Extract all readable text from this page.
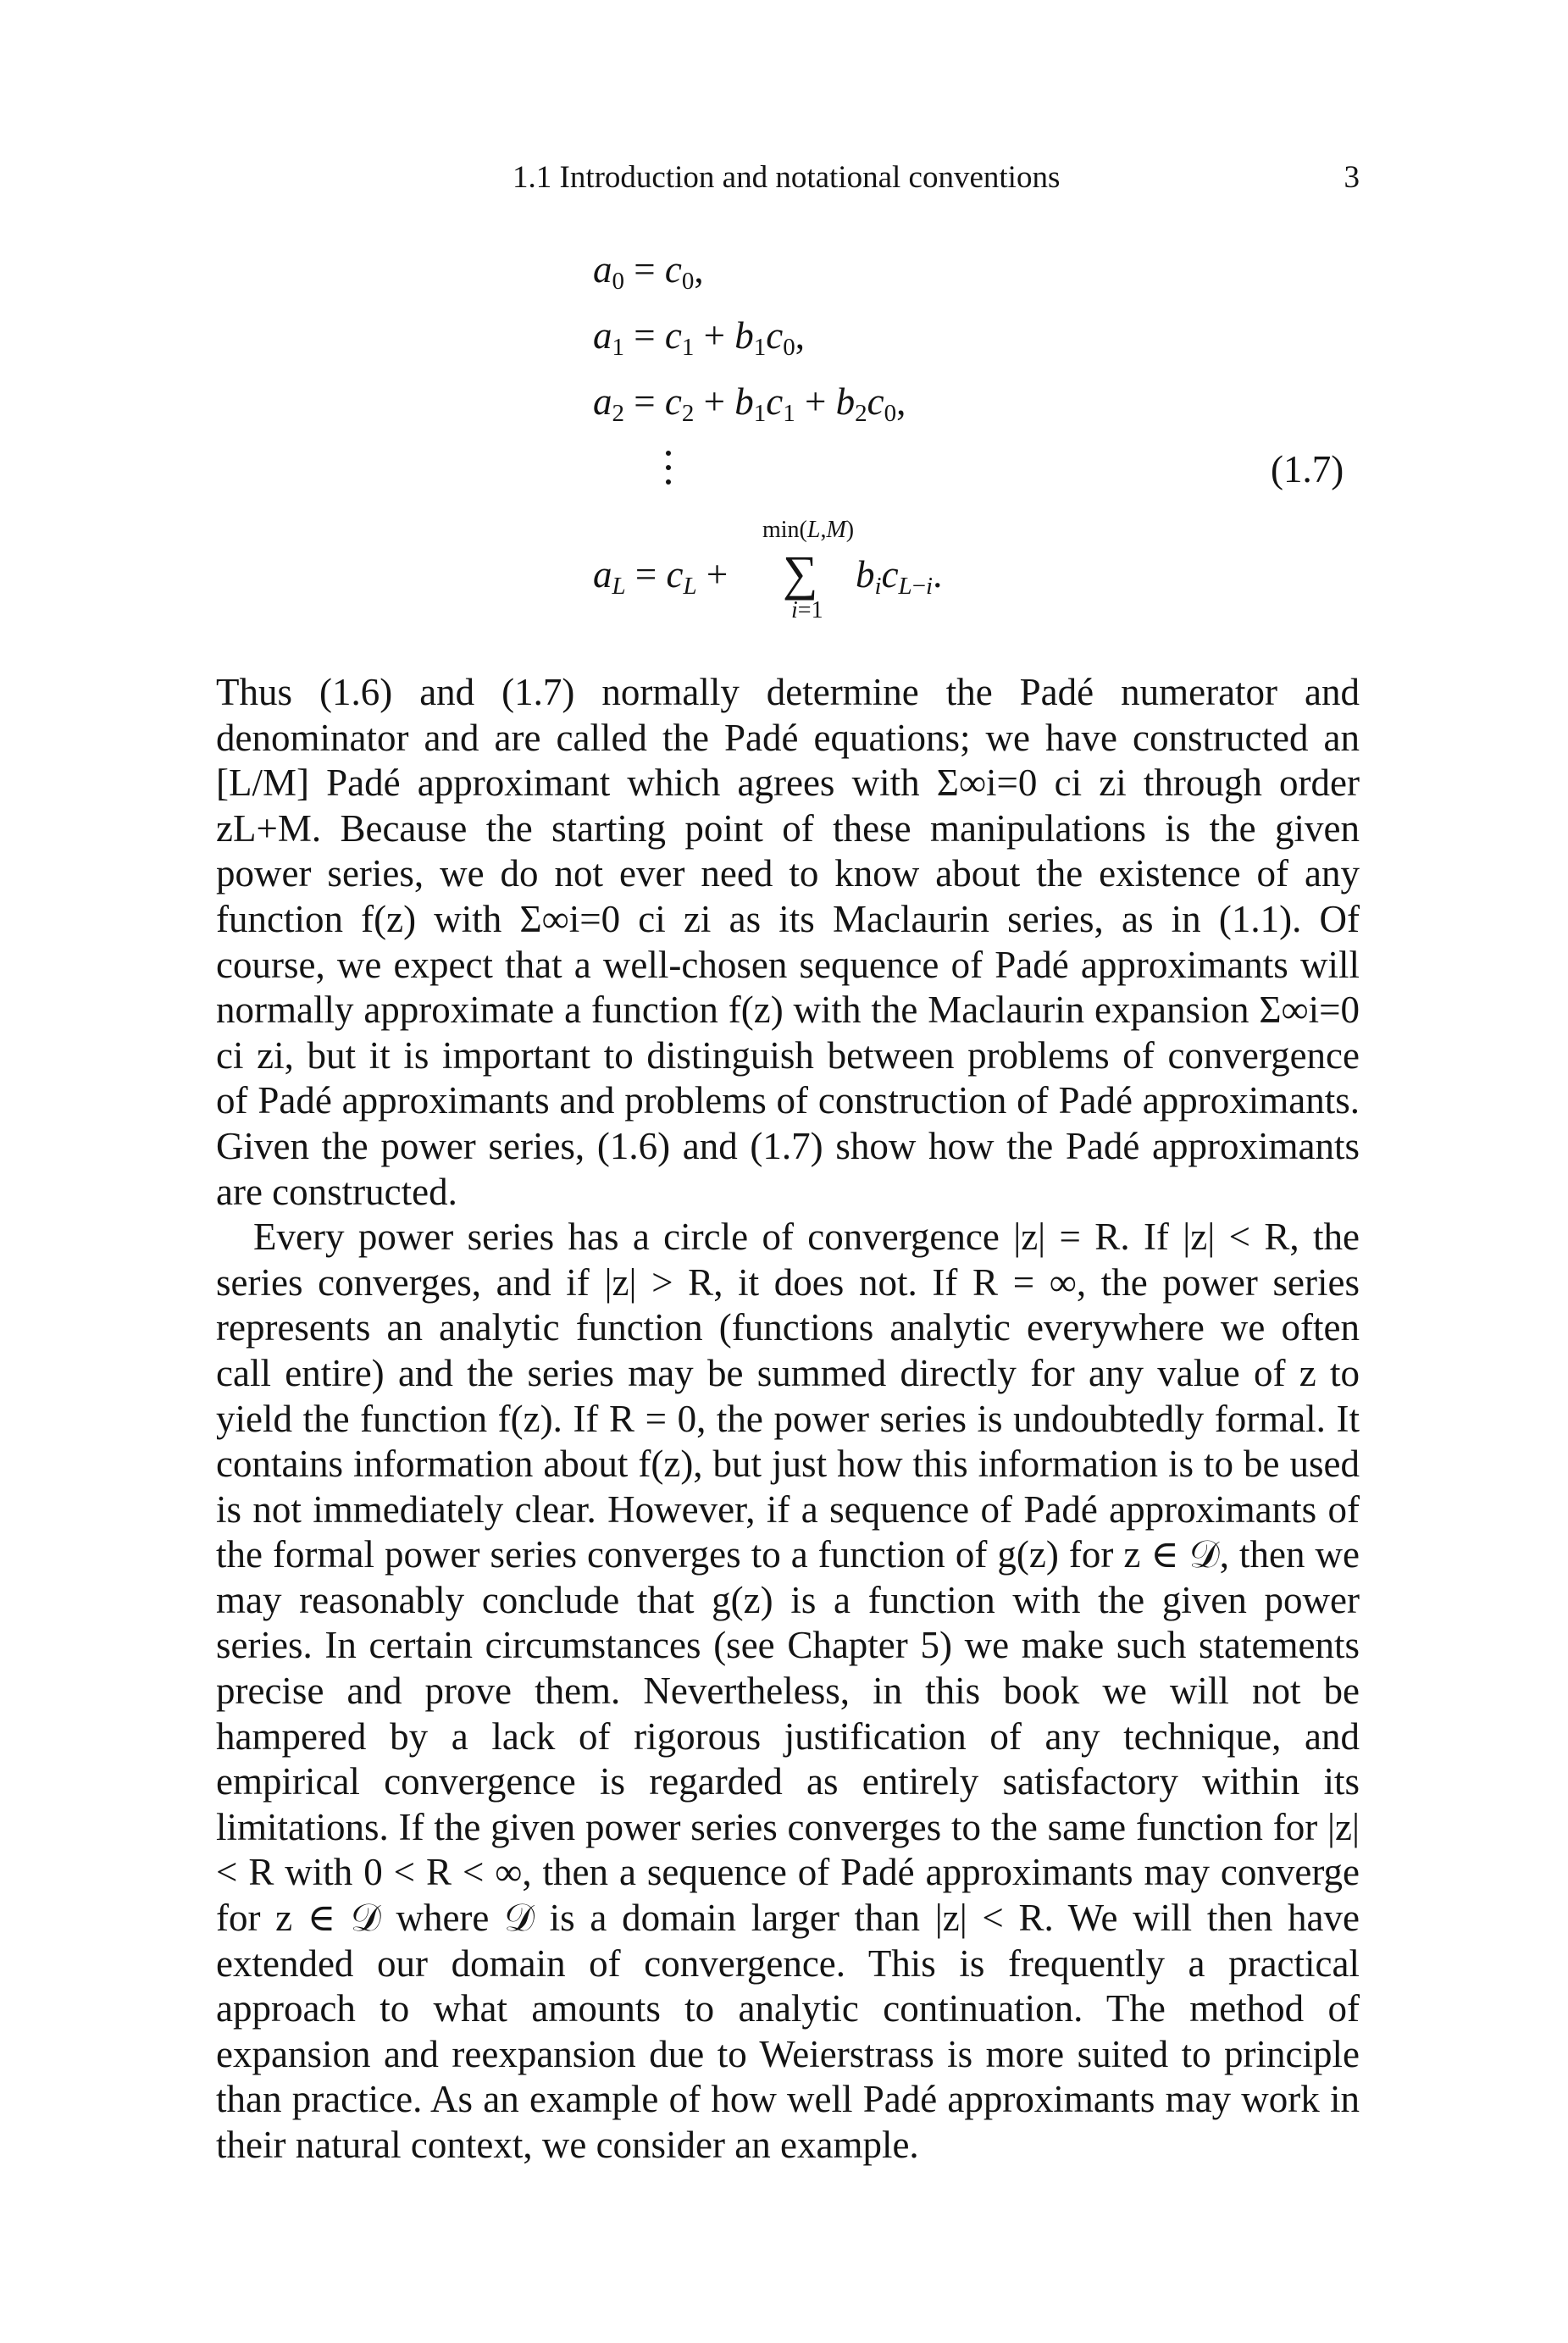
1.1 Introduction and notational conventions	3
$a_0 = c_0$,
$a_1 = c_1 + b_1c_0$,
$a_2 = c_2 + b_1c_1 + b_2c_0$,
(1.7)
min(L,M)
$a_L = c_L$ + ∑ $b_ic_{L-i}$.
i=1

Thus (1.6) and (1.7) normally determine the Padé numerator and denominator and are called the Padé equations; we have constructed an [L/M] Padé approximant which agrees with Σ∞i=0 ci zi through order zL+M. Because the starting point of these manipulations is the given power series, we do not ever need to know about the existence of any function f(z) with Σ∞i=0 ci zi as its Maclaurin series, as in (1.1). Of course, we expect that a well-chosen sequence of Padé approximants will normally approximate a function f(z) with the Maclaurin expansion Σ∞i=0 ci zi, but it is important to distinguish between problems of convergence of Padé approximants and problems of construction of Padé approximants. Given the power series, (1.6) and (1.7) show how the Padé approximants are constructed.

Every power series has a circle of convergence |z| = R. If |z| < R, the series converges, and if |z| > R, it does not. If R = ∞, the power series represents an analytic function (functions analytic everywhere we often call entire) and the series may be summed directly for any value of z to yield the function f(z). If R = 0, the power series is undoubtedly formal. It contains information about f(z), but just how this information is to be used is not immediately clear. However, if a sequence of Padé approximants of the formal power series converges to a function of g(z) for z ∈ 𝒟, then we may reasonably conclude that g(z) is a function with the given power series. In certain circumstances (see Chapter 5) we make such statements precise and prove them. Nevertheless, in this book we will not be hampered by a lack of rigorous justification of any technique, and empirical convergence is regarded as entirely satisfactory within its limitations. If the given power series converges to the same function for |z| < R with 0 < R < ∞, then a sequence of Padé approximants may converge for z ∈ 𝒟 where 𝒟 is a domain larger than |z| < R. We will then have extended our domain of convergence. This is frequently a practical approach to what amounts to analytic continuation. The method of expansion and reexpansion due to Weierstrass is more suited to principle than practice. As an example of how well Padé approximants may work in their natural context, we consider an example.
